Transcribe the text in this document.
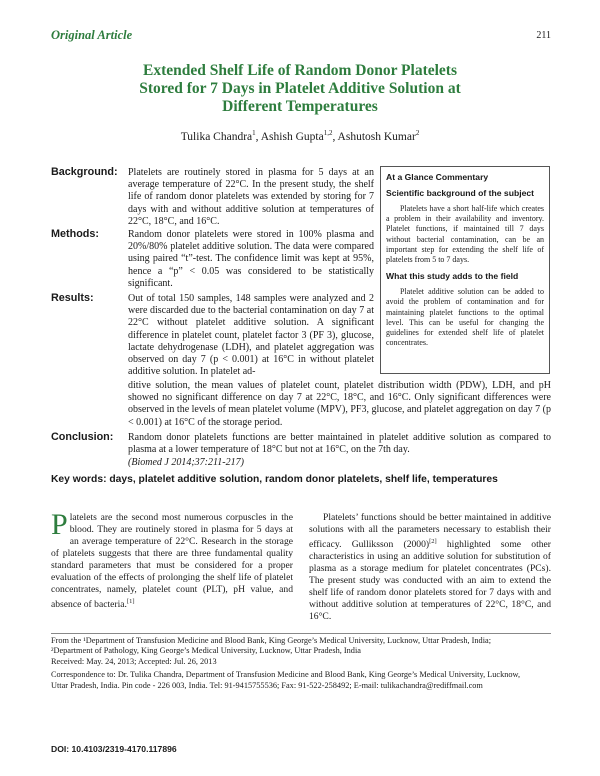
Original Article	211
Extended Shelf Life of Random Donor Platelets
Stored for 7 Days in Platelet Additive Solution at
Different Temperatures
Tulika Chandra$^1$, Ashish Gupta$^{1,2}$, Ashutosh Kumar$^2$
Background: Platelets are routinely stored in plasma for 5 days at an average temperature of 22°C. In the present study, the shelf life of random donor platelets was extended by storing for 7 days with and without additive solution at temperatures of 22°C, 18°C, and 16°C.
Methods:	Random donor platelets were stored in 100% plasma and 20%/80% platelet additive solution. The data were compared using paired “t”-test. The confidence limit was kept at 95%, hence a “p” < 0.05 was considered to be statistically significant.
Results:	Out of total 150 samples, 148 samples were analyzed and 2 were discarded due to the bacterial contamination on day 7 at 22°C without platelet additive solution. A significant difference in platelet count, platelet factor 3 (PF 3), glucose, lactate dehydrogenase (LDH), and platelet aggregation was observed on day 7 (p < 0.001) at 16°C in without platelet additive solution. In platelet ad-
ditive solution, the mean values of platelet count, platelet distribution width (PDW), LDH, and pH showed no significant difference on day 7 at 22°C, 18°C, and 16°C. Only significant differences were observed in the levels of mean platelet volume (MPV), PF3, glucose, and platelet aggregation on day 7 (p < 0.001) at 16°C of the storage period.
Conclusion: Random donor platelets functions are better maintained in platelet additive solution as compared to plasma at a lower temperature of 18°C but not at 16°C, on the 7th day.
(Biomed J 2014;37:211-217)
Key words: days, platelet additive solution, random donor platelets, shelf life, temperatures
At a Glance Commentary
Scientific background of the subject

Platelets have a short half-life which creates a problem in their availability and inventory. Platelet functions, if maintained till 7 days without bacterial contamination, can be an important step for extending the shelf life of platelets from 5 to 7 days.

What this study adds to the field

Platelet additive solution can be added to avoid the problem of contamination and for maintaining platelet functions to the optimal level. This can be useful for changing the guidelines for extended shelf life of platelet concentrates.

Platelets are the second most numerous corpuscles in the blood. They are routinely stored in plasma for 5 days at an average temperature of 22°C. Research in the storage of platelets suggests that there are three fundamental quality standard parameters that must be considered for a proper evaluation of the effects of prolonging the shelf life of platelet concentrates, namely, platelet count (PLT), pH value, and absence of bacteria.[1]
Platelets’ functions should be better maintained in additive solutions with all the parameters necessary to establish their efficacy. Gulliksson (2000)[2] highlighted some other characteristics in using an additive solution for substitution of plasma as a storage medium for platelet concentrates (PCs). The present study was conducted with an aim to extend the shelf life of random donor platelets stored for 7 days with and without additive solution at temperatures of 22°C, 18°C, and 16°C.
From the ¹Department of Transfusion Medicine and Blood Bank, King George’s Medical University, Lucknow, Uttar Pradesh, India;
²Department of Pathology, King George’s Medical University, Lucknow, Uttar Pradesh, India
Received: May. 24, 2013; Accepted: Jul. 26, 2013
Correspondence to: Dr. Tulika Chandra, Department of Transfusion Medicine and Blood Bank, King George’s Medical University, Lucknow,
Uttar Pradesh, India. Pin code - 226 003, India. Tel: 91-9415755536; Fax: 91-522-258492; E-mail: tulikachandra@rediffmail.com
DOI: 10.4103/2319-4170.117896
